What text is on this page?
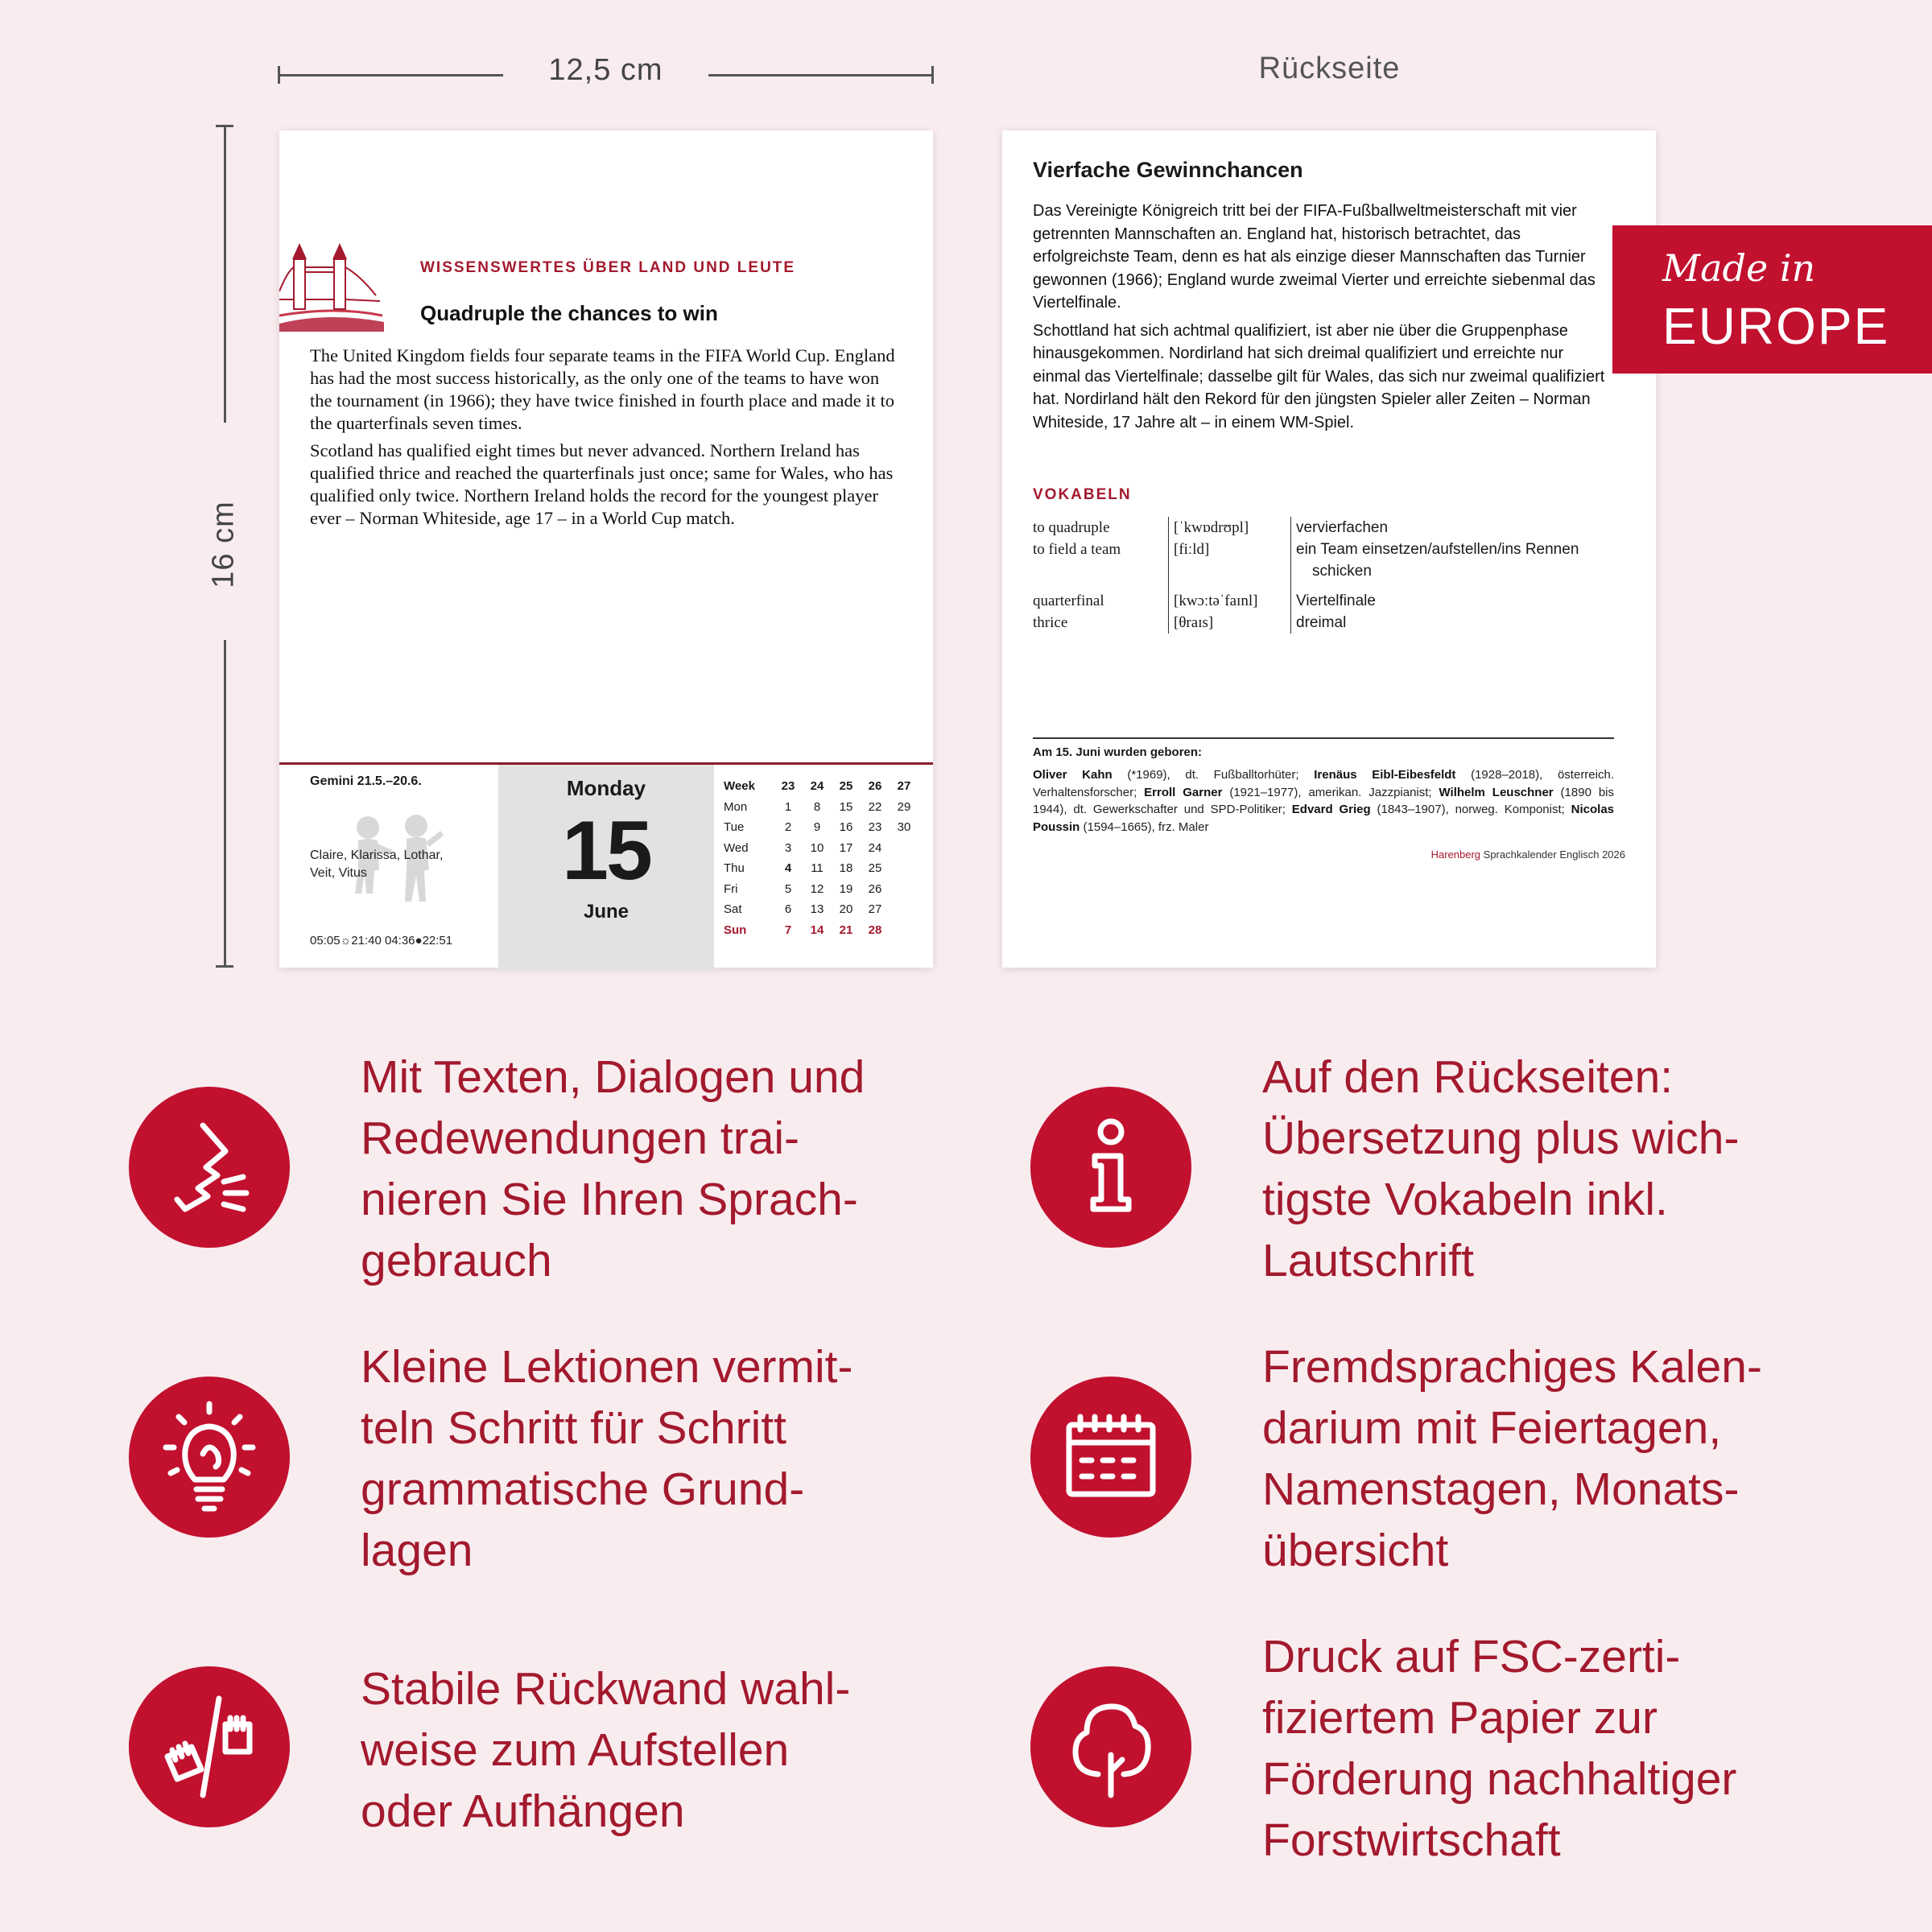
12,5 cm
16 cm
Rückseite
WISSENSWERTES ÜBER LAND UND LEUTE
Quadruple the chances to win

The United Kingdom fields four separate teams in the FIFA World Cup. England has had the most success historically, as the only one of the teams to have won the tournament (in 1966); they have twice finished in fourth place and made it to the quarterfinals seven times.

Scotland has qualified eight times but never advanced. Northern Ireland has qualified thrice and reached the quarterfinals just once; same for Wales, who has qualified only twice. Northern Ireland holds the record for the youngest player ever – Norman Whiteside, age 17 – in a World Cup match.

Gemini 21.5.–20.6.
Claire, Klarissa, Lothar,
Veit, Vitus
05:05☼21:40 04:36●22:51
Monday
15
June
Week	23	24	25	26	27
Mon	1	8	15	22	29
Tue	2	9	16	23	30
Wed	3	10	17	24	
Thu	4	11	18	25	
Fri	5	12	19	26	
Sat	6	13	20	27	
Sun	7	14	21	28	
Vierfache Gewinnchancen

Das Vereinigte Königreich tritt bei der FIFA-Fußballweltmeisterschaft mit vier getrennten Mannschaften an. England hat, historisch betrachtet, das erfolgreichste Team, denn es hat als einzige dieser Mannschaften das Turnier gewonnen (1966); England wurde zweimal Vierter und erreichte siebenmal das Viertelfinale.

Schottland hat sich achtmal qualifiziert, ist aber nie über die Gruppenphase hinausgekommen. Nordirland hat sich dreimal qualifiziert und erreichte nur einmal das Viertelfinale; dasselbe gilt für Wales, das sich nur zweimal qualifiziert hat. Nordirland hält den Rekord für den jüngsten Spieler aller Zeiten – Norman Whiteside, 17 Jahre alt – in einem WM-Spiel.

VOKABELN
to quadruple	[ˈkwɒdrʊpl]	vervierfachen
to field a team	[fiːld]	ein Team einsetzen/aufstellen/ins Rennen
schicken
quarterfinal	[kwɔːtəˈfaɪnl]	Viertelfinale
thrice	[θraɪs]	dreimal
Am 15. Juni wurden geboren:
Oliver Kahn (*1969), dt. Fußballtorhüter; Irenäus Eibl-Eibesfeldt (1928–2018), österreich. Verhaltensforscher; Erroll Garner (1921–1977), amerikan. Jazzpianist; Wilhelm Leuschner (1890 bis 1944), dt. Gewerkschafter und SPD-Politiker; Edvard Grieg (1843–1907), norweg. Komponist; Nicolas Poussin (1594–1665), frz. Maler
Harenberg Sprachkalender Englisch 2026
Made in
EUROPE
Mit Texten, Dialogen und
Redewendungen trai-
nieren Sie Ihren Sprach-
gebrauch
Auf den Rückseiten:
Übersetzung plus wich-
tigste Vokabeln inkl.
Lautschrift
Kleine Lektionen vermit-
teln Schritt für Schritt
grammatische Grund-
lagen
Fremdsprachiges Kalen-
darium mit Feiertagen,
Namenstagen, Monats-
übersicht
Stabile Rückwand wahl-
weise zum Aufstellen
oder Aufhängen
Druck auf FSC-zerti-
fiziertem Papier zur
Förderung nachhaltiger
Forstwirtschaft
